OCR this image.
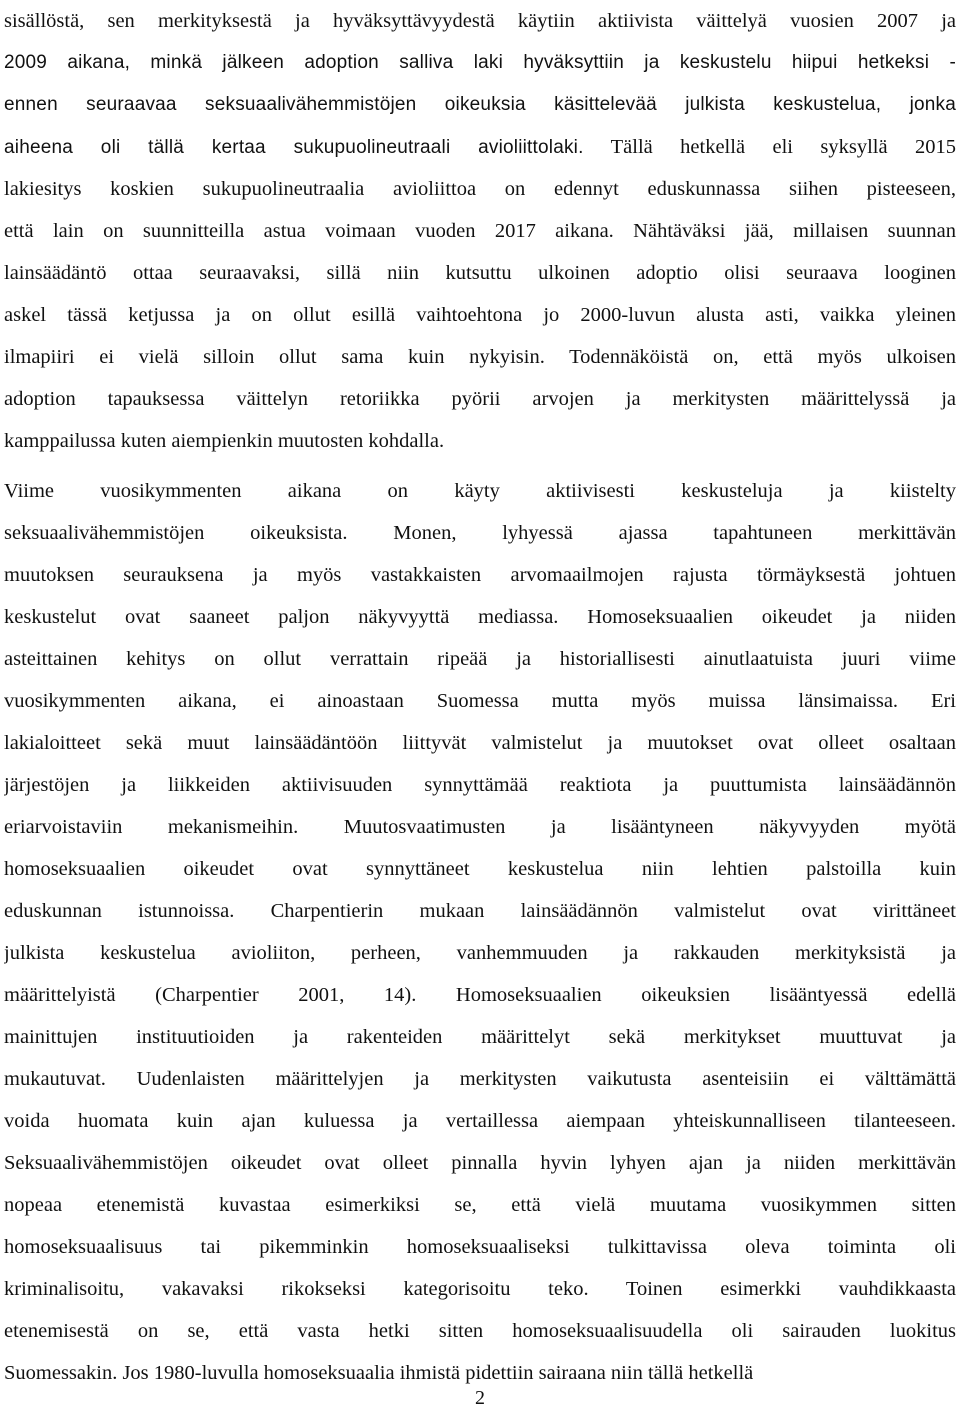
sisällöstä, sen merkityksestä ja hyväksyttävyydestä käytiin aktiivista väittelyä vuosien 2007 ja
2009 aikana, minkä jälkeen adoption salliva laki hyväksyttiin ja keskustelu hiipui hetkeksi -
ennen seuraavaa seksuaalivähemmistöjen oikeuksia käsittelevää julkista keskustelua, jonka
aiheena oli tällä kertaa sukupuolineutraali avioliittolaki. Tällä hetkellä eli syksyllä 2015
lakiesitys koskien sukupuolineutraalia avioliittoa on edennyt eduskunnassa siihen pisteeseen,
että lain on suunnitteilla astua voimaan vuoden 2017 aikana. Nähtäväksi jää, millaisen suunnan
lainsäädäntö ottaa seuraavaksi, sillä niin kutsuttu ulkoinen adoptio olisi seuraava looginen
askel tässä ketjussa ja on ollut esillä vaihtoehtona jo 2000-luvun alusta asti, vaikka yleinen
ilmapiiri ei vielä silloin ollut sama kuin nykyisin. Todennäköistä on, että myös ulkoisen
adoption tapauksessa väittelyn retoriikka pyörii arvojen ja merkitysten määrittelyssä ja
kamppailussa kuten aiempienkin muutosten kohdalla.
Viime vuosikymmenten aikana on käyty aktiivisesti keskusteluja ja kiistelty
seksuaalivähemmistöjen oikeuksista. Monen, lyhyessä ajassa tapahtuneen merkittävän
muutoksen seurauksena ja myös vastakkaisten arvomaailmojen rajusta törmäyksestä johtuen
keskustelut ovat saaneet paljon näkyvyyttä mediassa. Homoseksuaalien oikeudet ja niiden
asteittainen kehitys on ollut verrattain ripeää ja historiallisesti ainutlaatuista juuri viime
vuosikymmenten aikana, ei ainoastaan Suomessa mutta myös muissa länsimaissa. Eri
lakialoitteet sekä muut lainsäädäntöön liittyvät valmistelut ja muutokset ovat olleet osaltaan
järjestöjen ja liikkeiden aktiivisuuden synnyttämää reaktiota ja puuttumista lainsäädännön
eriarvoistaviin mekanismeihin. Muutosvaatimusten ja lisääntyneen näkyvyyden myötä
homoseksuaalien oikeudet ovat synnyttäneet keskustelua niin lehtien palstoilla kuin
eduskunnan istunnoissa. Charpentierin mukaan lainsäädännön valmistelut ovat virittäneet
julkista keskustelua avioliiton, perheen, vanhemmuuden ja rakkauden merkityksistä ja
määrittelyistä (Charpentier 2001, 14). Homoseksuaalien oikeuksien lisääntyessä edellä
mainittujen instituutioiden ja rakenteiden määrittelyt sekä merkitykset muuttuvat ja
mukautuvat. Uudenlaisten määrittelyjen ja merkitysten vaikutusta asenteisiin ei välttämättä
voida huomata kuin ajan kuluessa ja vertaillessa aiempaan yhteiskunnalliseen tilanteeseen.
Seksuaalivähemmistöjen oikeudet ovat olleet pinnalla hyvin lyhyen ajan ja niiden merkittävän
nopeaa etenemistä kuvastaa esimerkiksi se, että vielä muutama vuosikymmen sitten
homoseksuaalisuus tai pikemminkin homoseksuaaliseksi tulkittavissa oleva toiminta oli
kriminalisoitu, vakavaksi rikokseksi kategorisoitu teko. Toinen esimerkki vauhdikkaasta
etenemisestä on se, että vasta hetki sitten homoseksuaalisuudella oli sairauden luokitus
Suomessakin. Jos 1980-luvulla homoseksuaalia ihmistä pidettiin sairaana niin tällä hetkellä
2
